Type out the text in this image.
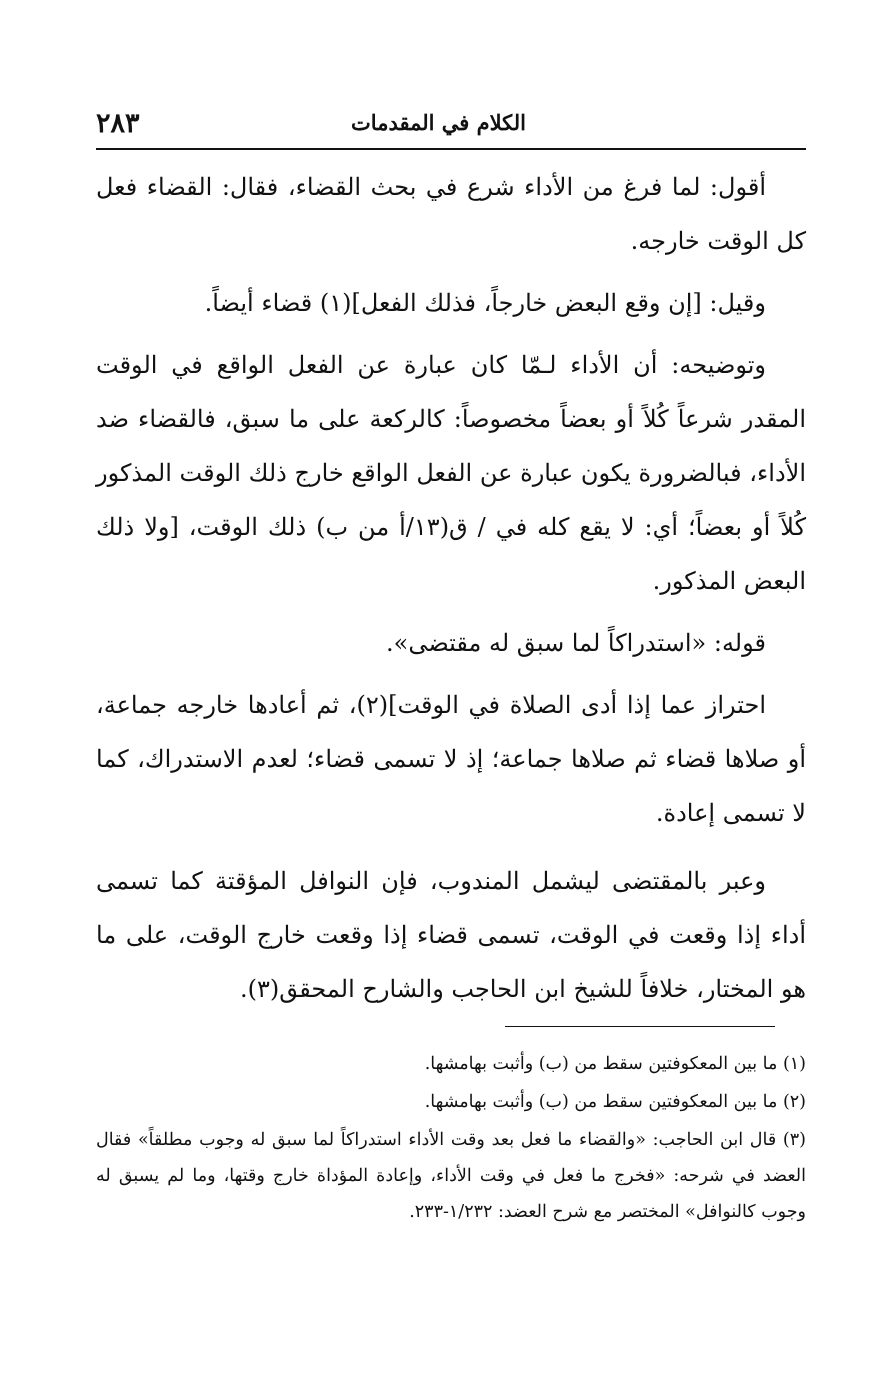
الكلام في المقدمات
٢٨٣

أقول: لما فرغ من الأداء شرع في بحث القضاء، فقال: القضاء فعل كل الوقت خارجه.

وقيل: [إن وقع البعض خارجاً، فذلك الفعل](١) قضاء أيضاً.

وتوضيحه: أن الأداء لـمّا كان عبارة عن الفعل الواقع في الوقت المقدر شرعاً كُلاً أو بعضاً مخصوصاً: كالركعة على ما سبق، فالقضاء ضد الأداء، فبالضرورة يكون عبارة عن الفعل الواقع خارج ذلك الوقت المذكور كُلاً أو بعضاً؛ أي: لا يقع كله في / ق(١٣/أ من ب) ذلك الوقت، [ولا ذلك البعض المذكور.

قوله: «استدراكاً لما سبق له مقتضى».

احتراز عما إذا أدى الصلاة في الوقت](٢)، ثم أعادها خارجه جماعة، أو صلاها قضاء ثم صلاها جماعة؛ إذ لا تسمى قضاء؛ لعدم الاستدراك، كما لا تسمى إعادة.

وعبر بالمقتضى ليشمل المندوب، فإن النوافل المؤقتة كما تسمى أداء إذا وقعت في الوقت، تسمى قضاء إذا وقعت خارج الوقت، على ما هو المختار، خلافاً للشيخ ابن الحاجب والشارح المحقق(٣).

(١) ما بين المعكوفتين سقط من (ب) وأثبت بهامشها.

(٢) ما بين المعكوفتين سقط من (ب) وأثبت بهامشها.

(٣) قال ابن الحاجب: «والقضاء ما فعل بعد وقت الأداء استدراكاً لما سبق له وجوب مطلقاً» فقال العضد في شرحه: «فخرج ما فعل في وقت الأداء، وإعادة المؤداة خارج وقتها، وما لم يسبق له وجوب كالنوافل» المختصر مع شرح العضد: ١/٢٣٢-٢٣٣.
